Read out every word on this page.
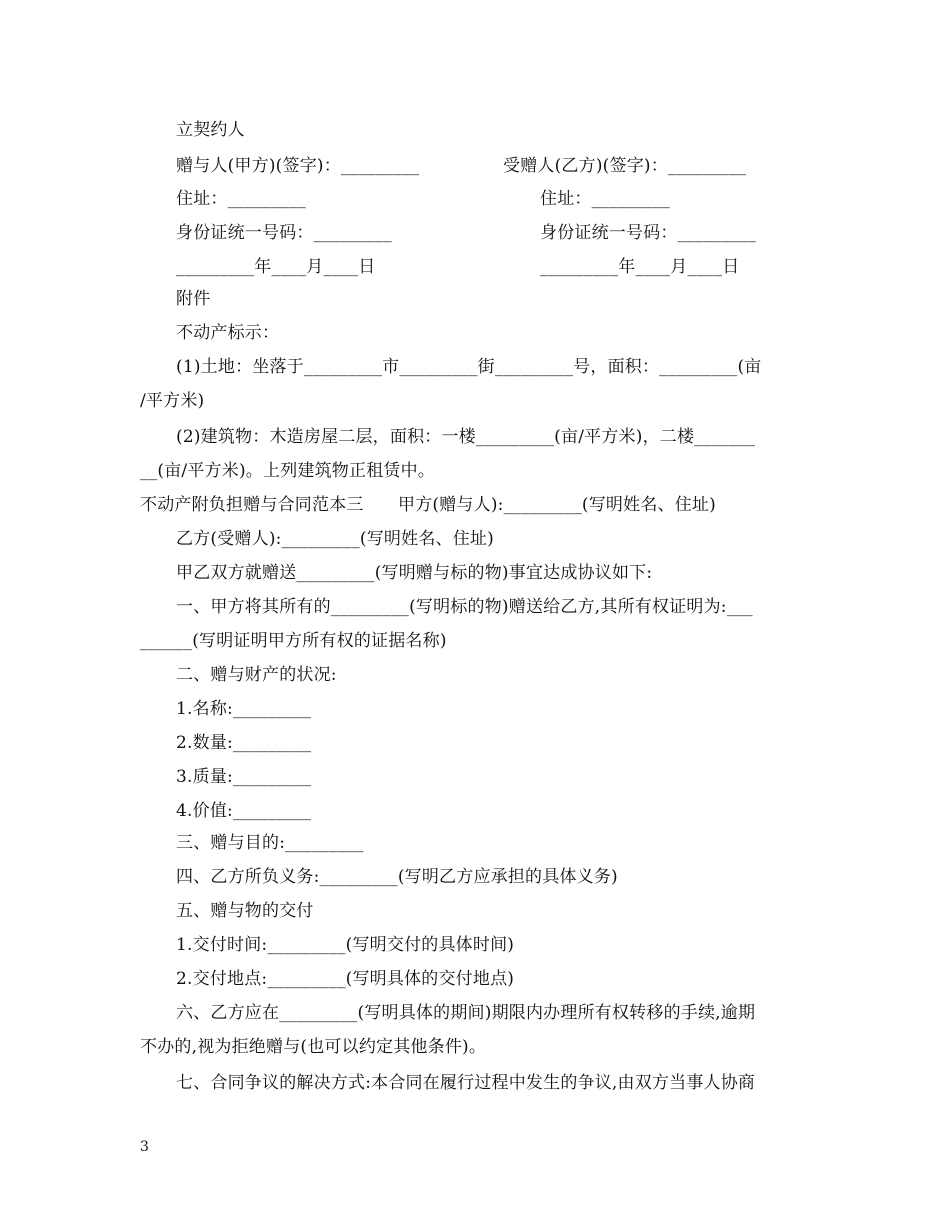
立契约人
赠与人(甲方)(签字)：_________	受赠人(乙方)(签字)：_________
住址：_________	住址：_________
身份证统一号码：_________	身份证统一号码：_________
_________年____月____日	_________年____月____日
附件
不动产标示：
(1)土地：坐落于_________市_________街_________号，面积：_________(亩
/平方米)
(2)建筑物：木造房屋二层，面积：一楼_________(亩/平方米)，二楼_______
__(亩/平方米)。上列建筑物正租赁中。
不动产附负担赠与合同范本三　　甲方(赠与人):_________(写明姓名、住址)
乙方(受赠人):_________(写明姓名、住址)
甲乙双方就赠送_________(写明赠与标的物)事宜达成协议如下:
一、甲方将其所有的_________(写明标的物)赠送给乙方,其所有权证明为:___
______(写明证明甲方所有权的证据名称)
二、赠与财产的状况:
1.名称:_________
2.数量:_________
3.质量:_________
4.价值:_________
三、赠与目的:_________
四、乙方所负义务:_________(写明乙方应承担的具体义务)
五、赠与物的交付
1.交付时间:_________(写明交付的具体时间)
2.交付地点:_________(写明具体的交付地点)
六、乙方应在_________(写明具体的期间)期限内办理所有权转移的手续,逾期
不办的,视为拒绝赠与(也可以约定其他条件)。
七、合同争议的解决方式:本合同在履行过程中发生的争议,由双方当事人协商
3
